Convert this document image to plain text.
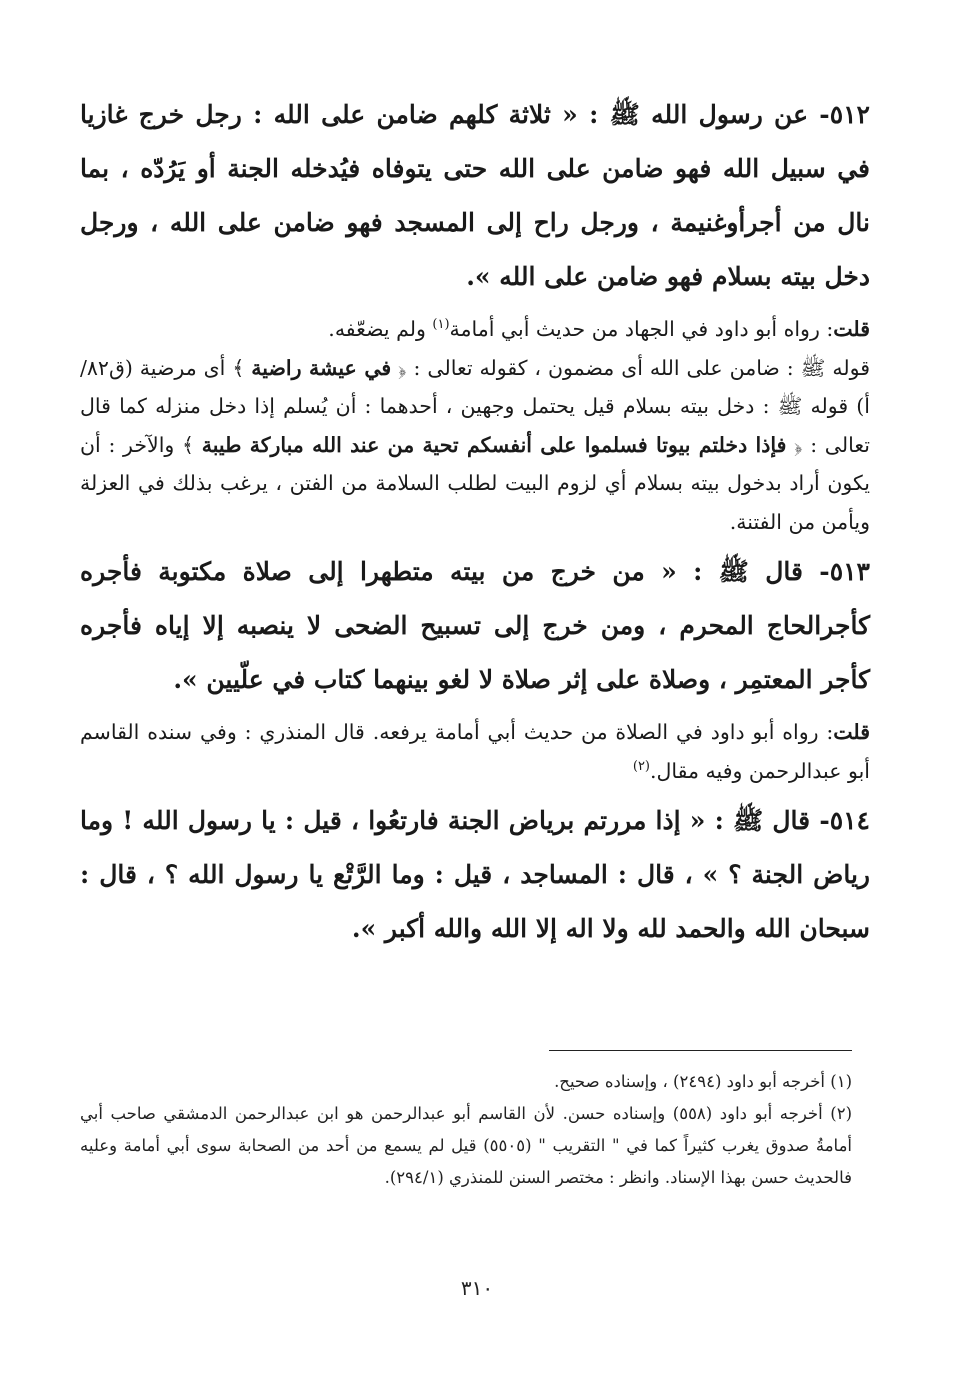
٥١٢- عن رسول الله ﷺ : « ثلاثة كلهم ضامن على الله : رجل خرج غازيا في سبيل الله فهو ضامن على الله حتى يتوفاه فيُدخله الجنة أو يَرُدّه ، بما نال من أجرأوغنيمة ، ورجل راح إلى المسجد فهو ضامن على الله ، ورجل دخل بيته بسلام فهو ضامن على الله ».

قلت: رواه أبو داود في الجهاد من حديث أبي أمامة$^{(١)}$ ولم يضعّفه.

قوله ﷺ : ضامن على الله أى مضمون ، كقوله تعالى : ﴿ في عيشة راضية ﴾ أى مرضية (ق٨٢/أ) قوله ﷺ : دخل بيته بسلام قيل يحتمل وجهين ، أحدهما : أن يُسلم إذا دخل منزله كما قال تعالى : ﴿ فإذا دخلتم بيوتا فسلموا على أنفسكم تحية من عند الله مباركة طيبة ﴾ والآخر : أن يكون أراد بدخول بيته بسلام أي لزوم البيت لطلب السلامة من الفتن ، يرغب بذلك في العزلة ويأمن من الفتنة.

٥١٣- قال ﷺ : « من خرج من بيته متطهرا إلى صلاة مكتوبة فأجره كأجرالحاج المحرم ، ومن خرج إلى تسبيح الضحى لا ينصبه إلا إياه فأجره كأجر المعتمِر ، وصلاة على إثر صلاة لا لغو بينهما كتاب في علّيين ».

قلت: رواه أبو داود في الصلاة من حديث أبي أمامة يرفعه. قال المنذري : وفي سنده القاسم أبو عبدالرحمن وفيه مقال.$^{(٢)}$

٥١٤- قال ﷺ : « إذا مررتم برياض الجنة فارتعُوا ، قيل : يا رسول الله ! وما رياض الجنة ؟ » ، قال : المساجد ، قيل : وما الرَّتْع يا رسول الله ؟ ، قال : سبحان الله والحمد لله ولا اله إلا الله والله أكبر ».

(١) أخرجه أبو داود (٢٤٩٤) ، وإسناده صحيح.

(٢) أخرجه أبو داود (٥٥٨) وإسناده حسن. لأن القاسم أبو عبدالرحمن هو ابن عبدالرحمن الدمشقي صاحب أبي أمامةُ صدوق يغرب كثيراً كما في " التقريب " (٥٥٠٥) قيل لم يسمع من أحد من الصحابة سوى أبي أمامة وعليه فالحديث حسن بهذا الإسناد. وانظر : مختصر السنن للمنذري (٢٩٤/١).

٣١٠
